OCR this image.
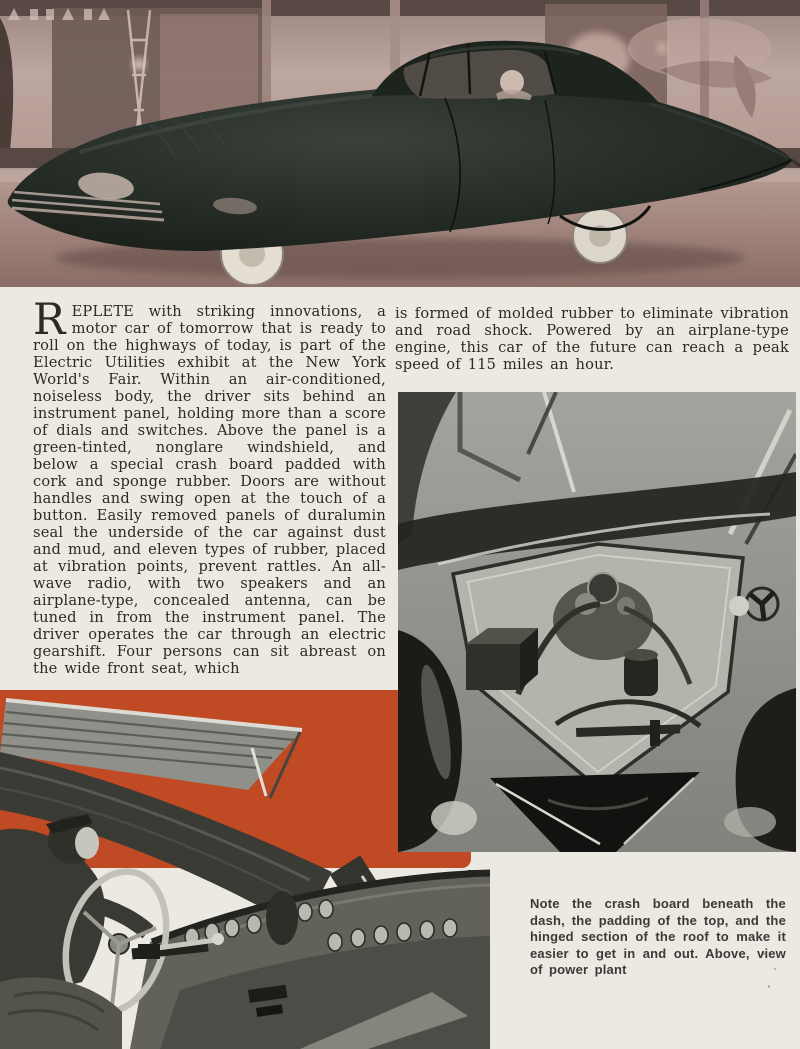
REPLETE with striking innovations, a motor car of tomorrow that is ready to roll on the highways of today, is part of the Electric Utilities exhibit at the New York World's Fair. Within an air-conditioned, noiseless body, the driver sits behind an instrument panel, holding more than a score of dials and switches. Above the panel is a green-tinted, nonglare windshield, and below a special crash board padded with cork and sponge rubber. Doors are without handles and swing open at the touch of a button. Easily removed panels of duralumin seal the underside of the car against dust and mud, and eleven types of rubber, placed at vibration points, prevent rattles. An all-wave radio, with two speakers and an airplane-type, concealed antenna, can be tuned in from the instrument panel. The driver operates the car through an electric gearshift. Four persons can sit abreast on the wide front seat, which
is formed of molded rubber to eliminate vibration and road shock. Powered by an airplane-type engine, this car of the future can reach a peak speed of 115 miles an hour.
Note the crash board beneath the dash, the padding of the top, and the hinged section of the roof to make it easier to get in and out. Above, view of power plant
